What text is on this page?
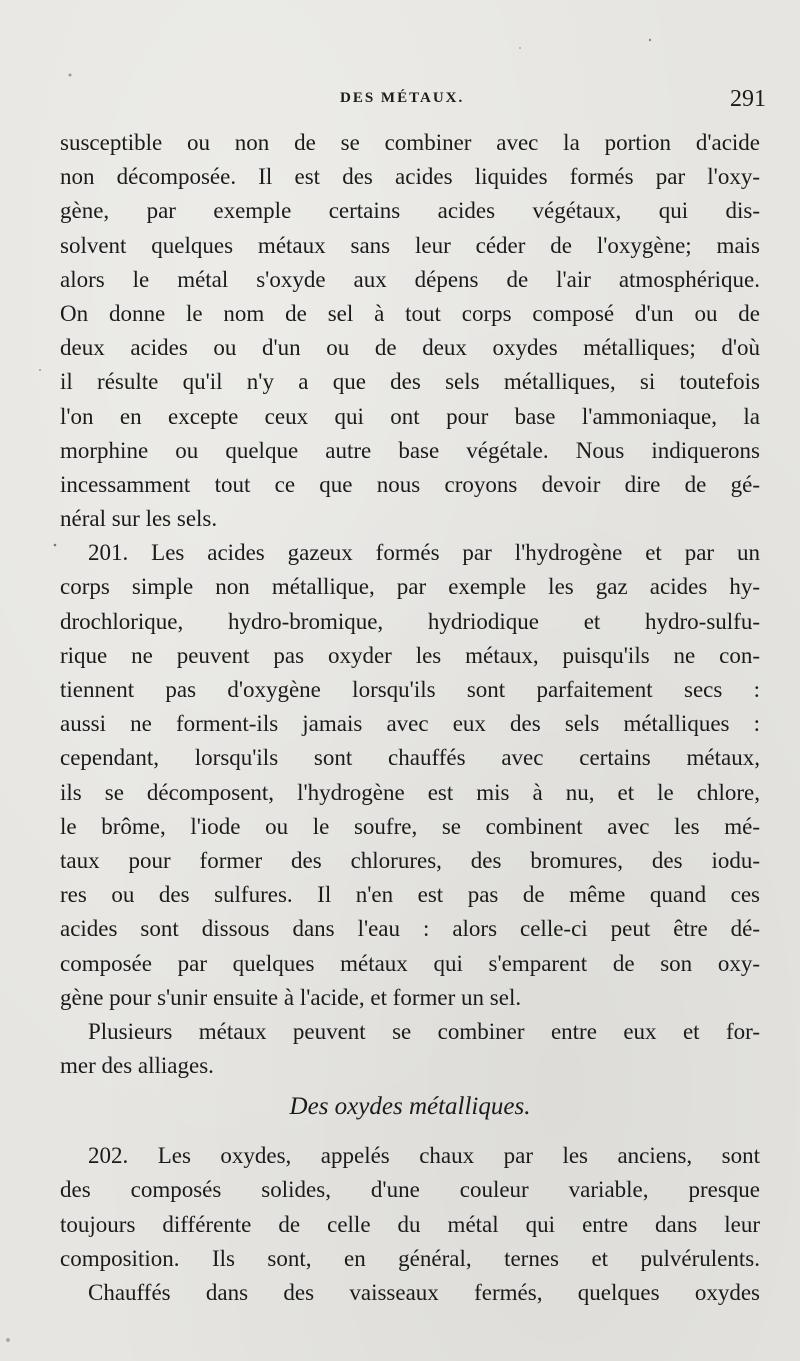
DES MÉTAUX.	291
susceptible ou non de se combiner avec la portion d'acide
non décomposée. Il est des acides liquides formés par l'oxy-
gène, par exemple certains acides végétaux, qui dis-
solvent quelques métaux sans leur céder de l'oxygène; mais
alors le métal s'oxyde aux dépens de l'air atmosphérique.
On donne le nom de sel à tout corps composé d'un ou de
deux acides ou d'un ou de deux oxydes métalliques; d'où
il résulte qu'il n'y a que des sels métalliques, si toutefois
l'on en excepte ceux qui ont pour base l'ammoniaque, la
morphine ou quelque autre base végétale. Nous indiquerons
incessamment tout ce que nous croyons devoir dire de gé-
néral sur les sels.
201. Les acides gazeux formés par l'hydrogène et par un
corps simple non métallique, par exemple les gaz acides hy-
drochlorique, hydro-bromique, hydriodique et hydro-sulfu-
rique ne peuvent pas oxyder les métaux, puisqu'ils ne con-
tiennent pas d'oxygène lorsqu'ils sont parfaitement secs :
aussi ne forment-ils jamais avec eux des sels métalliques :
cependant, lorsqu'ils sont chauffés avec certains métaux,
ils se décomposent, l'hydrogène est mis à nu, et le chlore,
le brôme, l'iode ou le soufre, se combinent avec les mé-
taux pour former des chlorures, des bromures, des iodu-
res ou des sulfures. Il n'en est pas de même quand ces
acides sont dissous dans l'eau : alors celle-ci peut être dé-
composée par quelques métaux qui s'emparent de son oxy-
gène pour s'unir ensuite à l'acide, et former un sel.
Plusieurs métaux peuvent se combiner entre eux et for-
mer des alliages.
Des oxydes métalliques.
202. Les oxydes, appelés chaux par les anciens, sont
des composés solides, d'une couleur variable, presque
toujours différente de celle du métal qui entre dans leur
composition. Ils sont, en général, ternes et pulvérulents.
Chauffés dans des vaisseaux fermés, quelques oxydes
